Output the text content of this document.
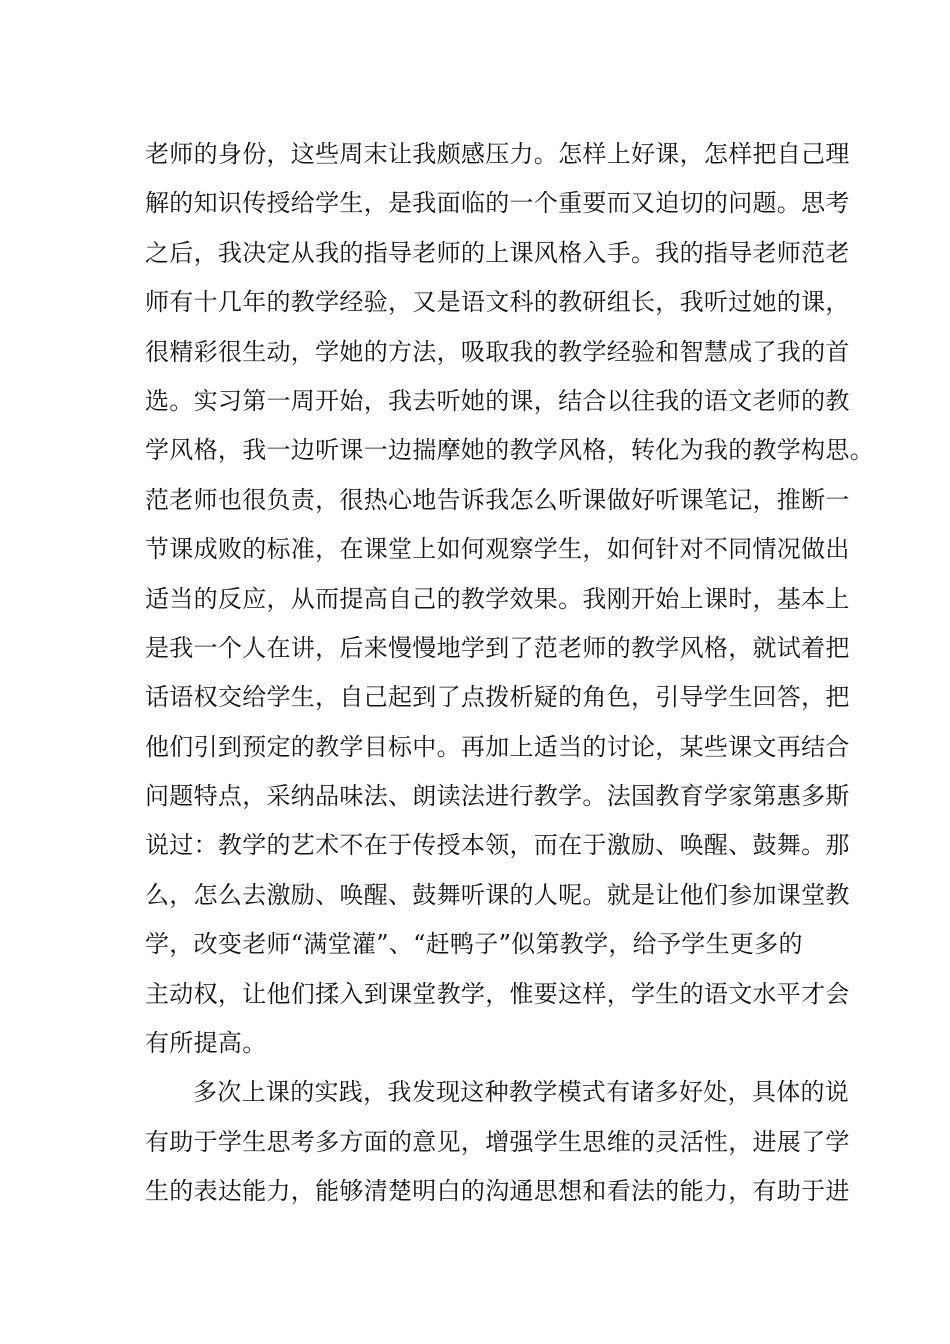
老师的身份，这些周末让我颇感压力。怎样上好课，怎样把自己理
解的知识传授给学生，是我面临的一个重要而又迫切的问题。思考
之后，我决定从我的指导老师的上课风格入手。我的指导老师范老
师有十几年的教学经验，又是语文科的教研组长，我听过她的课，
很精彩很生动，学她的方法，吸取我的教学经验和智慧成了我的首
选。实习第一周开始，我去听她的课，结合以往我的语文老师的教
学风格，我一边听课一边揣摩她的教学风格，转化为我的教学构思。
范老师也很负责，很热心地告诉我怎么听课做好听课笔记，推断一
节课成败的标准，在课堂上如何观察学生，如何针对不同情况做出
适当的反应，从而提高自己的教学效果。我刚开始上课时，基本上
是我一个人在讲，后来慢慢地学到了范老师的教学风格，就试着把
话语权交给学生，自己起到了点拨析疑的角色，引导学生回答，把
他们引到预定的教学目标中。再加上适当的讨论，某些课文再结合
问题特点，采纳品味法、朗读法进行教学。法国教育学家第惠多斯
说过：教学的艺术不在于传授本领，而在于激励、唤醒、鼓舞。那
么，怎么去激励、唤醒、鼓舞听课的人呢。就是让他们参加课堂教
学，改变老师“满堂灌”、“赶鸭子”似第教学，给予学生更多的
主动权，让他们揉入到课堂教学，惟要这样，学生的语文水平才会
有所提高。
多次上课的实践，我发现这种教学模式有诸多好处，具体的说
有助于学生思考多方面的意见，增强学生思维的灵活性，进展了学
生的表达能力，能够清楚明白的沟通思想和看法的能力，有助于进
